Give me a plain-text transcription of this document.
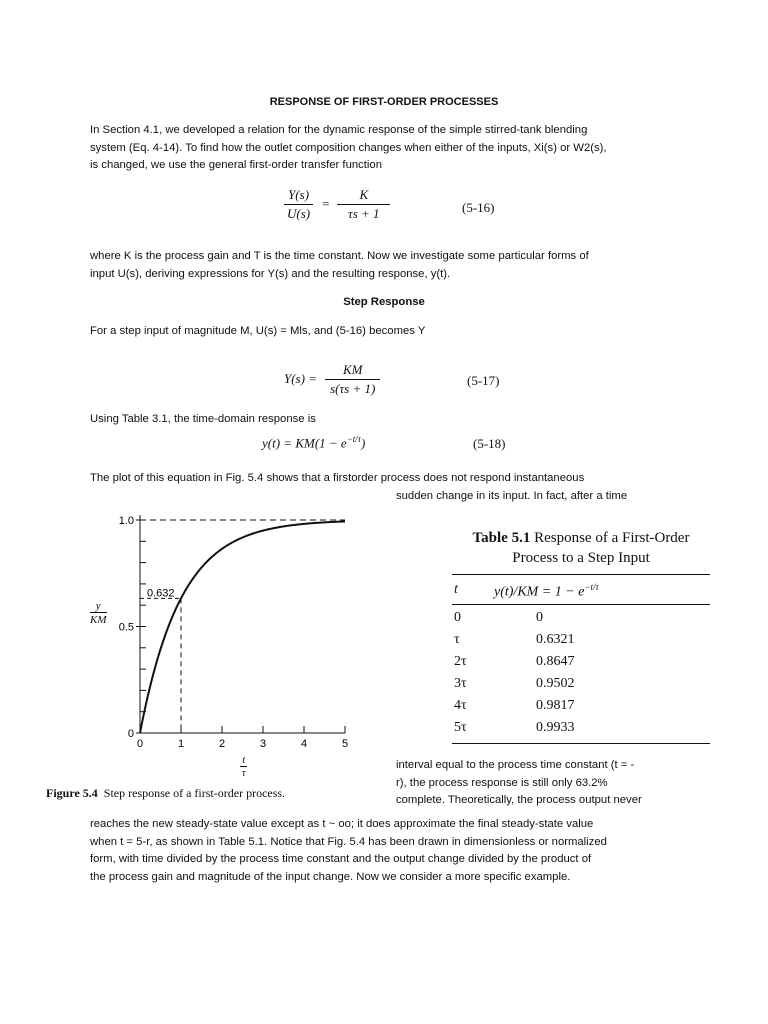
RESPONSE OF FIRST-ORDER PROCESSES
In Section 4.1, we developed a relation for the dynamic response of the simple stirred-tank blending
system (Eq. 4-14). To find how the outlet composition changes when either of the inputs, Xi(s) or W2(s),
is changed, we use the general first-order transfer function
$\frac{Y(s)}{U(s)} = \frac{K}{\tau s + 1}$	(5-16)
where K is the process gain and T is the time constant. Now we investigate some particular forms of
input U(s), deriving expressions for Y(s) and the resulting response, y(t).
Step Response
For a step input of magnitude M, U(s) = Mls, and (5-16) becomes Y
$Y(s) = \frac{KM}{s(\tau s + 1)}$	(5-17)
Using Table 3.1, the time-domain response is
$y(t) = KM(1 - e^{-t/\tau})$	(5-18)
The plot of this equation in Fig. 5.4 shows that a firstorder process does not respond instantaneous
sudden change in its input. In fact, after a time
0	1	2	3	4	5
0
0.5
1.0
0.632
$\frac{y}{KM}$
$\frac{t}{\tau}$
Figure 5.4 Step response of a first-order process.
Table 5.1 Response of a First-Order
Process to a Step Input
t	$y(t)/KM = 1 - e^{-t/\tau}$
0	0
τ	0.6321
2τ	0.8647
3τ	0.9502
4τ	0.9817
5τ	0.9933
interval equal to the process time constant (t = -
r), the process response is still only 63.2%
complete. Theoretically, the process output never
reaches the new steady-state value except as t ~ oo; it does approximate the final steady-state value
when t = 5-r, as shown in Table 5.1. Notice that Fig. 5.4 has been drawn in dimensionless or normalized
form, with time divided by the process time constant and the output change divided by the product of
the process gain and magnitude of the input change. Now we consider a more specific example.
